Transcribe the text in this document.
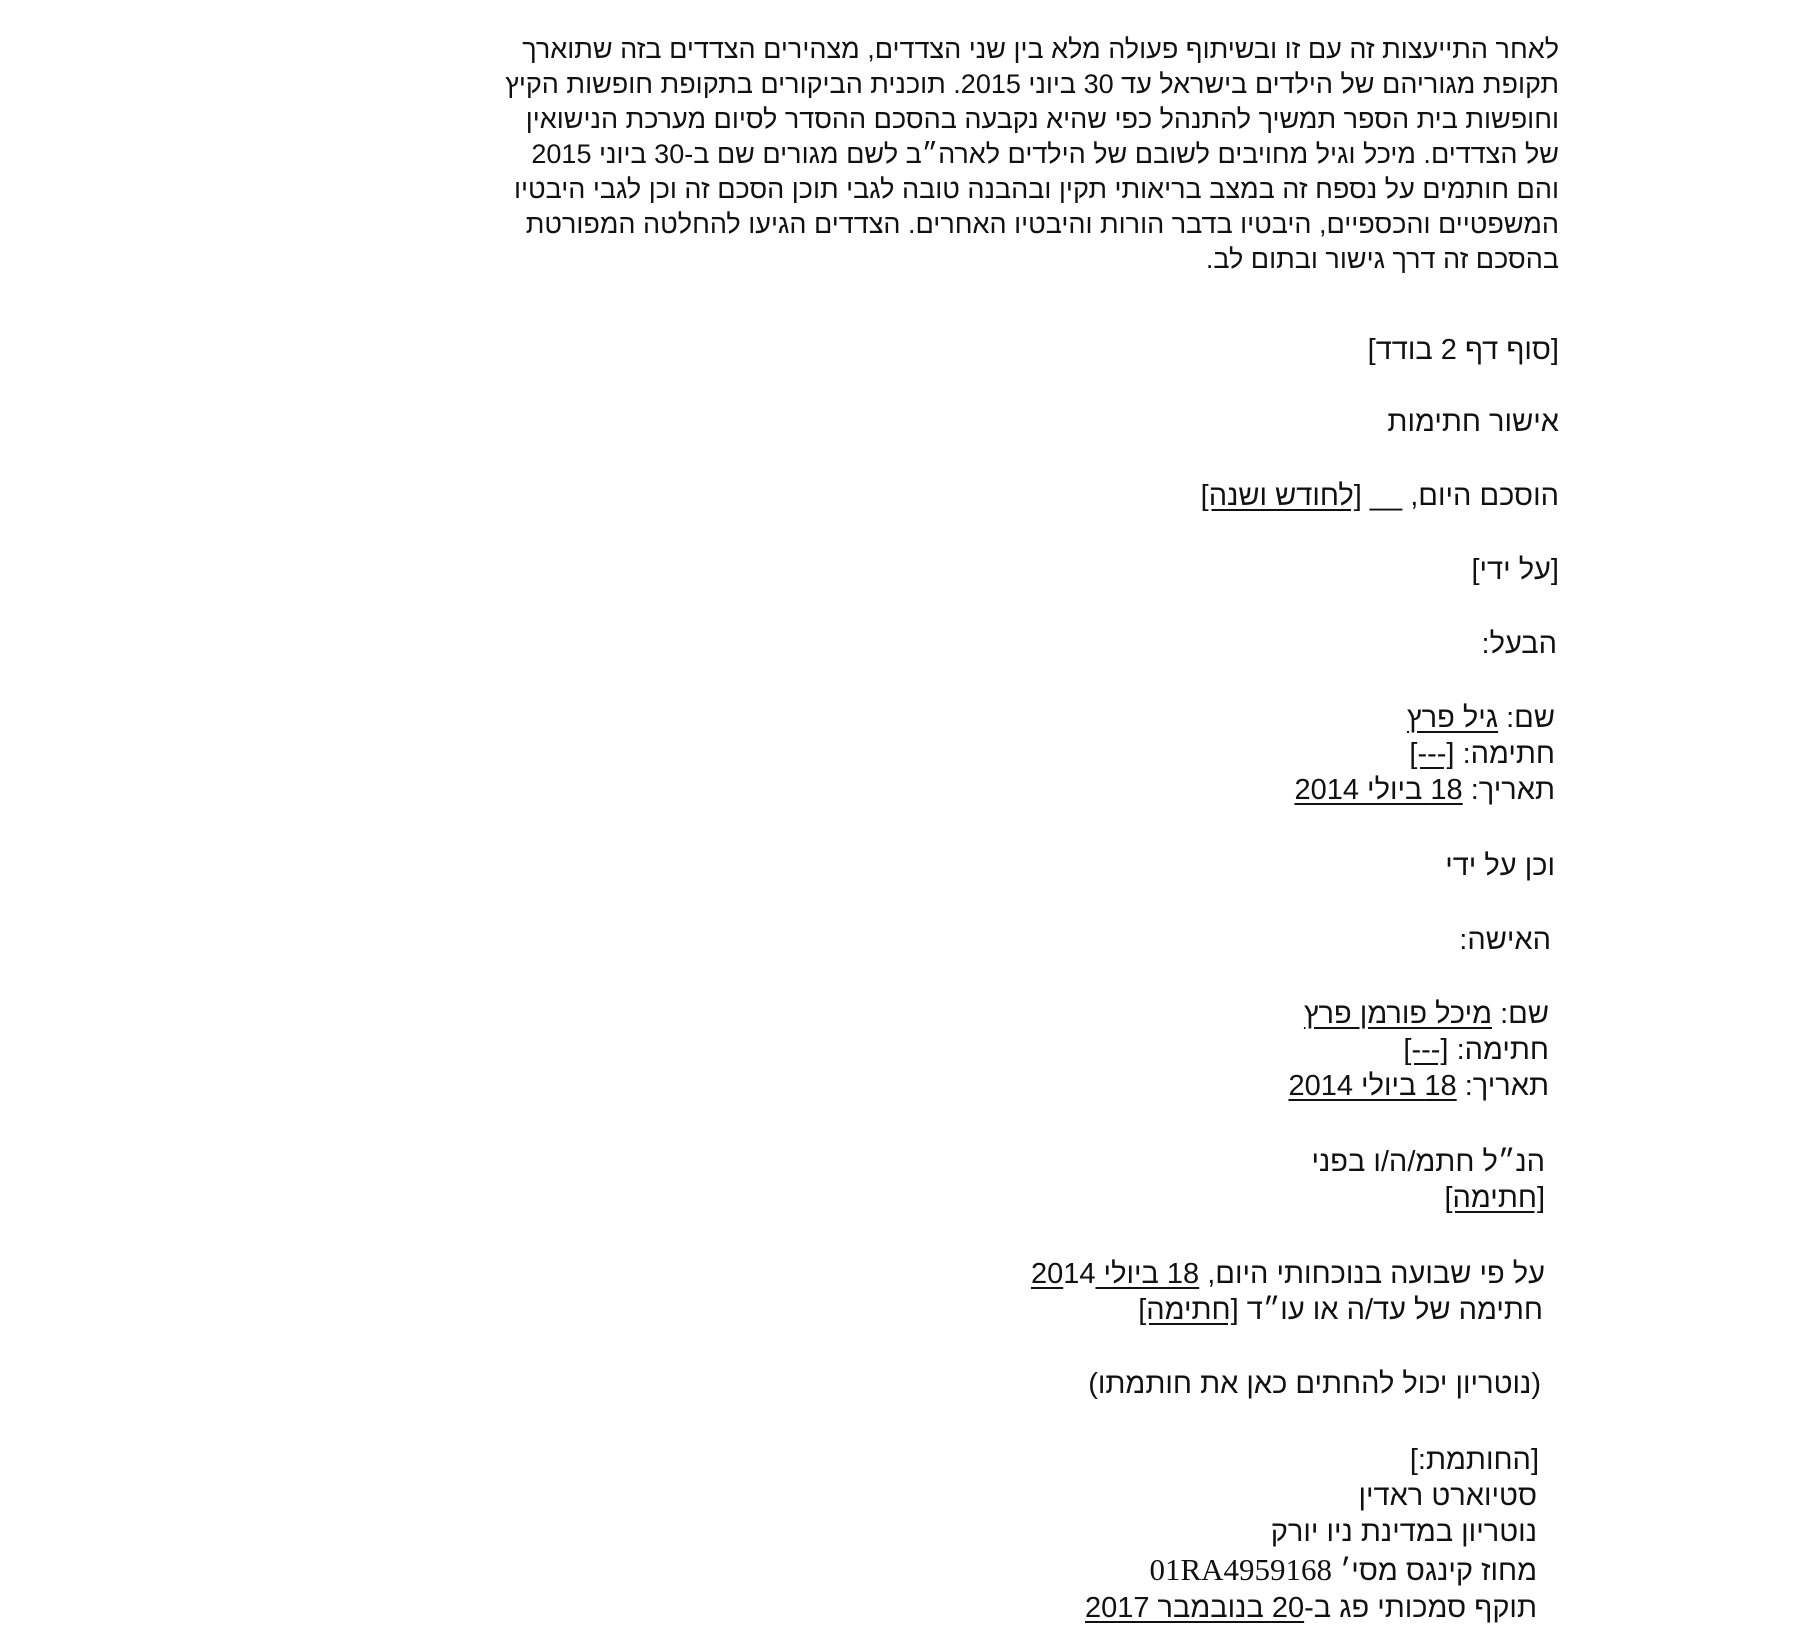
לאחר התייעצות זה עם זו ובשיתוף פעולה מלא בין שני הצדדים, מצהירים הצדדים בזה שתוארך
תקופת מגוריהם של הילדים בישראל עד 30 ביוני 2015. תוכנית הביקורים בתקופת חופשות הקיץ
וחופשות בית הספר תמשיך להתנהל כפי שהיא נקבעה בהסכם ההסדר לסיום מערכת הנישואין
של הצדדים. מיכל וגיל מחויבים לשובם של הילדים לארה״ב לשם מגורים שם ב-30 ביוני 2015
והם חותמים על נספח זה במצב בריאותי תקין ובהבנה טובה לגבי תוכן הסכם זה וכן לגבי היבטיו
המשפטיים והכספיים, היבטיו בדבר הורות והיבטיו האחרים. הצדדים הגיעו להחלטה המפורטת
בהסכם זה דרך גישור ובתום לב.

[סוף דף 2 בודד]

אישור חתימות

הוסכם היום, __ [לחודש ושנה]

[על ידי]

הבעל:

שם: גיל פרץ

חתימה: [---]

תאריך: 18 ביולי 2014

וכן על ידי

האישה:

שם: מיכל פורמן פרץ

חתימה: [---]

תאריך: 18 ביולי 2014

הנ״ל חתמ/ה/ו בפני

[חתימה]

על פי שבועה בנוכחותי היום, 18 ביולי 2014

חתימה של עד/ה או עו״ד [חתימה]

(נוטריון יכול להחתים כאן את חותמתו)

[החותמת:]

סטיוארט ראדין

נוטריון במדינת ניו יורק

מחוז קינגס מסי׳ 01RA4959168

תוקף סמכותי פג ב-20 בנובמבר 2017
